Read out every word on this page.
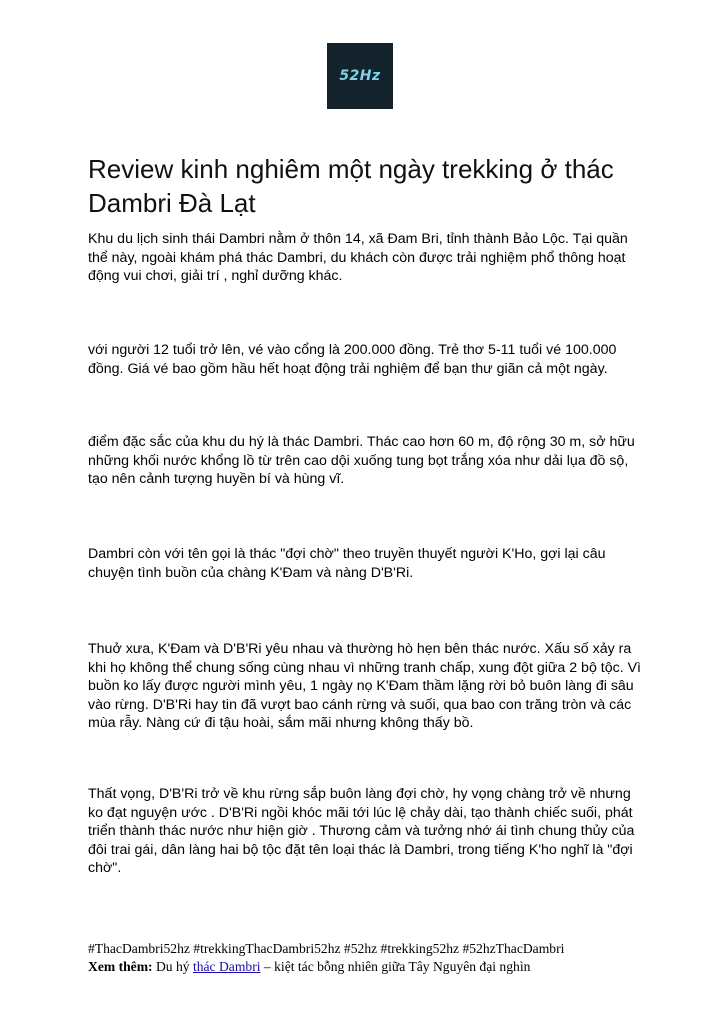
52Hz
Review kinh nghiêm một ngày trekking ở thác Dambri Đà Lạt

Khu du lịch sinh thái Dambri nằm ở thôn 14, xã Đam Bri, tỉnh thành Bảo Lộc. Tại quần thể này, ngoài khám phá thác Dambri, du khách còn được trải nghiệm phổ thông hoạt động vui chơi, giải trí , nghỉ dưỡng khác.

với người 12 tuổi trở lên, vé vào cổng là 200.000 đồng. Trẻ thơ 5-11 tuổi vé 100.000 đồng. Giá vé bao gồm hầu hết hoạt động trải nghiệm để bạn thư giãn cả một ngày.

điểm đặc sắc của khu du hý là thác Dambri. Thác cao hơn 60 m, độ rộng 30 m, sở hữu những khối nước khổng lồ từ trên cao dội xuống tung bọt trắng xóa như dải lụa đồ sộ, tạo nên cảnh tượng huyền bí và hùng vĩ.

Dambri còn với tên gọi là thác "đợi chờ" theo truyền thuyết người K'Ho, gợi lại câu chuyện tình buồn của chàng K'Đam và nàng D'B'Ri.

Thuở xưa, K'Đam và D'B'Ri yêu nhau và thường hò hẹn bên thác nước. Xấu số xảy ra khi họ không thể chung sống cùng nhau vì những tranh chấp, xung đột giữa 2 bộ tộc. Vì buồn ko lấy được người mình yêu, 1 ngày nọ K'Đam thầm lặng rời bỏ buôn làng đi sâu vào rừng. D'B'Ri hay tin đã vượt bao cánh rừng và suối, qua bao con trăng tròn và các mùa rẫy. Nàng cứ đi tậu hoài, sắm mãi nhưng không thấy bồ.

Thất vọng, D'B'Ri trở về khu rừng sắp buôn làng đợi chờ, hy vọng chàng trở về nhưng ko đạt nguyện ước . D'B'Ri ngồi khóc mãi tới lúc lệ chảy dài, tạo thành chiếc suối, phát triển thành thác nước như hiện giờ . Thương cảm và tưởng nhớ ái tình chung thủy của đôi trai gái, dân làng hai bộ tộc đặt tên loại thác là Dambri, trong tiếng K'ho nghĩ là "đợi chờ".

#ThacDambri52hz #trekkingThacDambri52hz #52hz #trekking52hz #52hzThacDambri
Xem thêm: Du hý thác Dambri – kiệt tác bỗng nhiên giữa Tây Nguyên đại nghìn
